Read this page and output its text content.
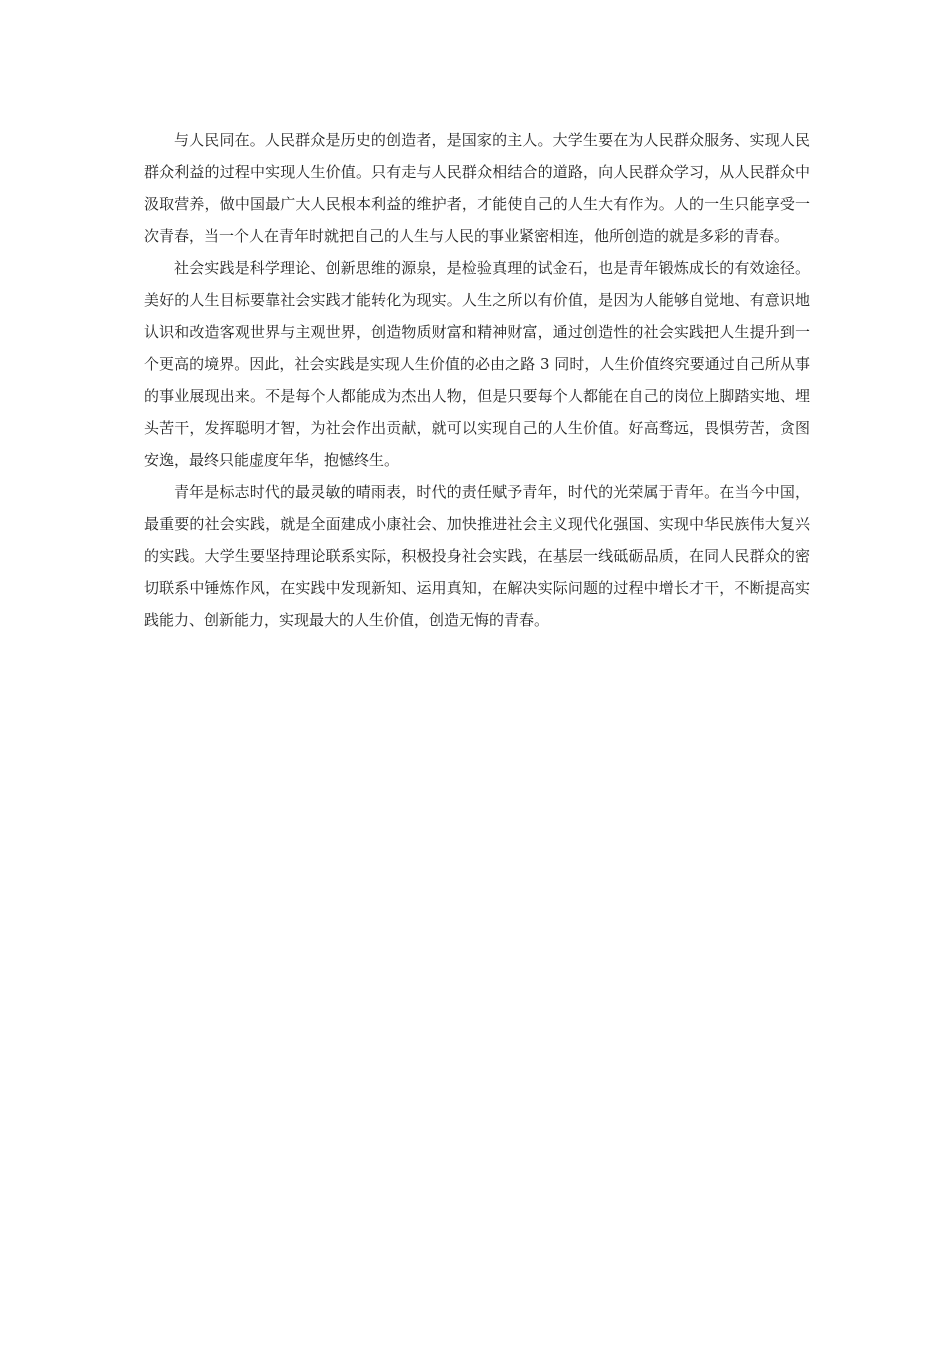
与人民同在。人民群众是历史的创造者，是国家的主人。大学生要在为人民群众服务、实现人民群众利益的过程中实现人生价值。只有走与人民群众相结合的道路，向人民群众学习，从人民群众中汲取营养，做中国最广大人民根本利益的维护者，才能使自己的人生大有作为。人的一生只能享受一次青春，当一个人在青年时就把自己的人生与人民的事业紧密相连，他所创造的就是多彩的青春。

社会实践是科学理论、创新思维的源泉，是检验真理的试金石，也是青年锻炼成长的有效途径。美好的人生目标要靠社会实践才能转化为现实。人生之所以有价值，是因为人能够自觉地、有意识地认识和改造客观世界与主观世界，创造物质财富和精神财富，通过创造性的社会实践把人生提升到一个更高的境界。因此，社会实践是实现人生价值的必由之路 3 同时，人生价值终究要通过自己所从事的事业展现出来。不是每个人都能成为杰出人物，但是只要每个人都能在自己的岗位上脚踏实地、埋头苦干，发挥聪明才智，为社会作出贡献，就可以实现自己的人生价值。好高骛远，畏惧劳苦，贪图安逸，最终只能虚度年华，抱憾终生。

青年是标志时代的最灵敏的晴雨表，时代的责任赋予青年，时代的光荣属于青年。在当今中国，最重要的社会实践，就是全面建成小康社会、加快推进社会主义现代化强国、实现中华民族伟大复兴的实践。大学生要坚持理论联系实际，积极投身社会实践，在基层一线砥砺品质，在同人民群众的密切联系中锤炼作风，在实践中发现新知、运用真知，在解决实际问题的过程中增长才干，不断提高实践能力、创新能力，实现最大的人生价值，创造无悔的青春。
